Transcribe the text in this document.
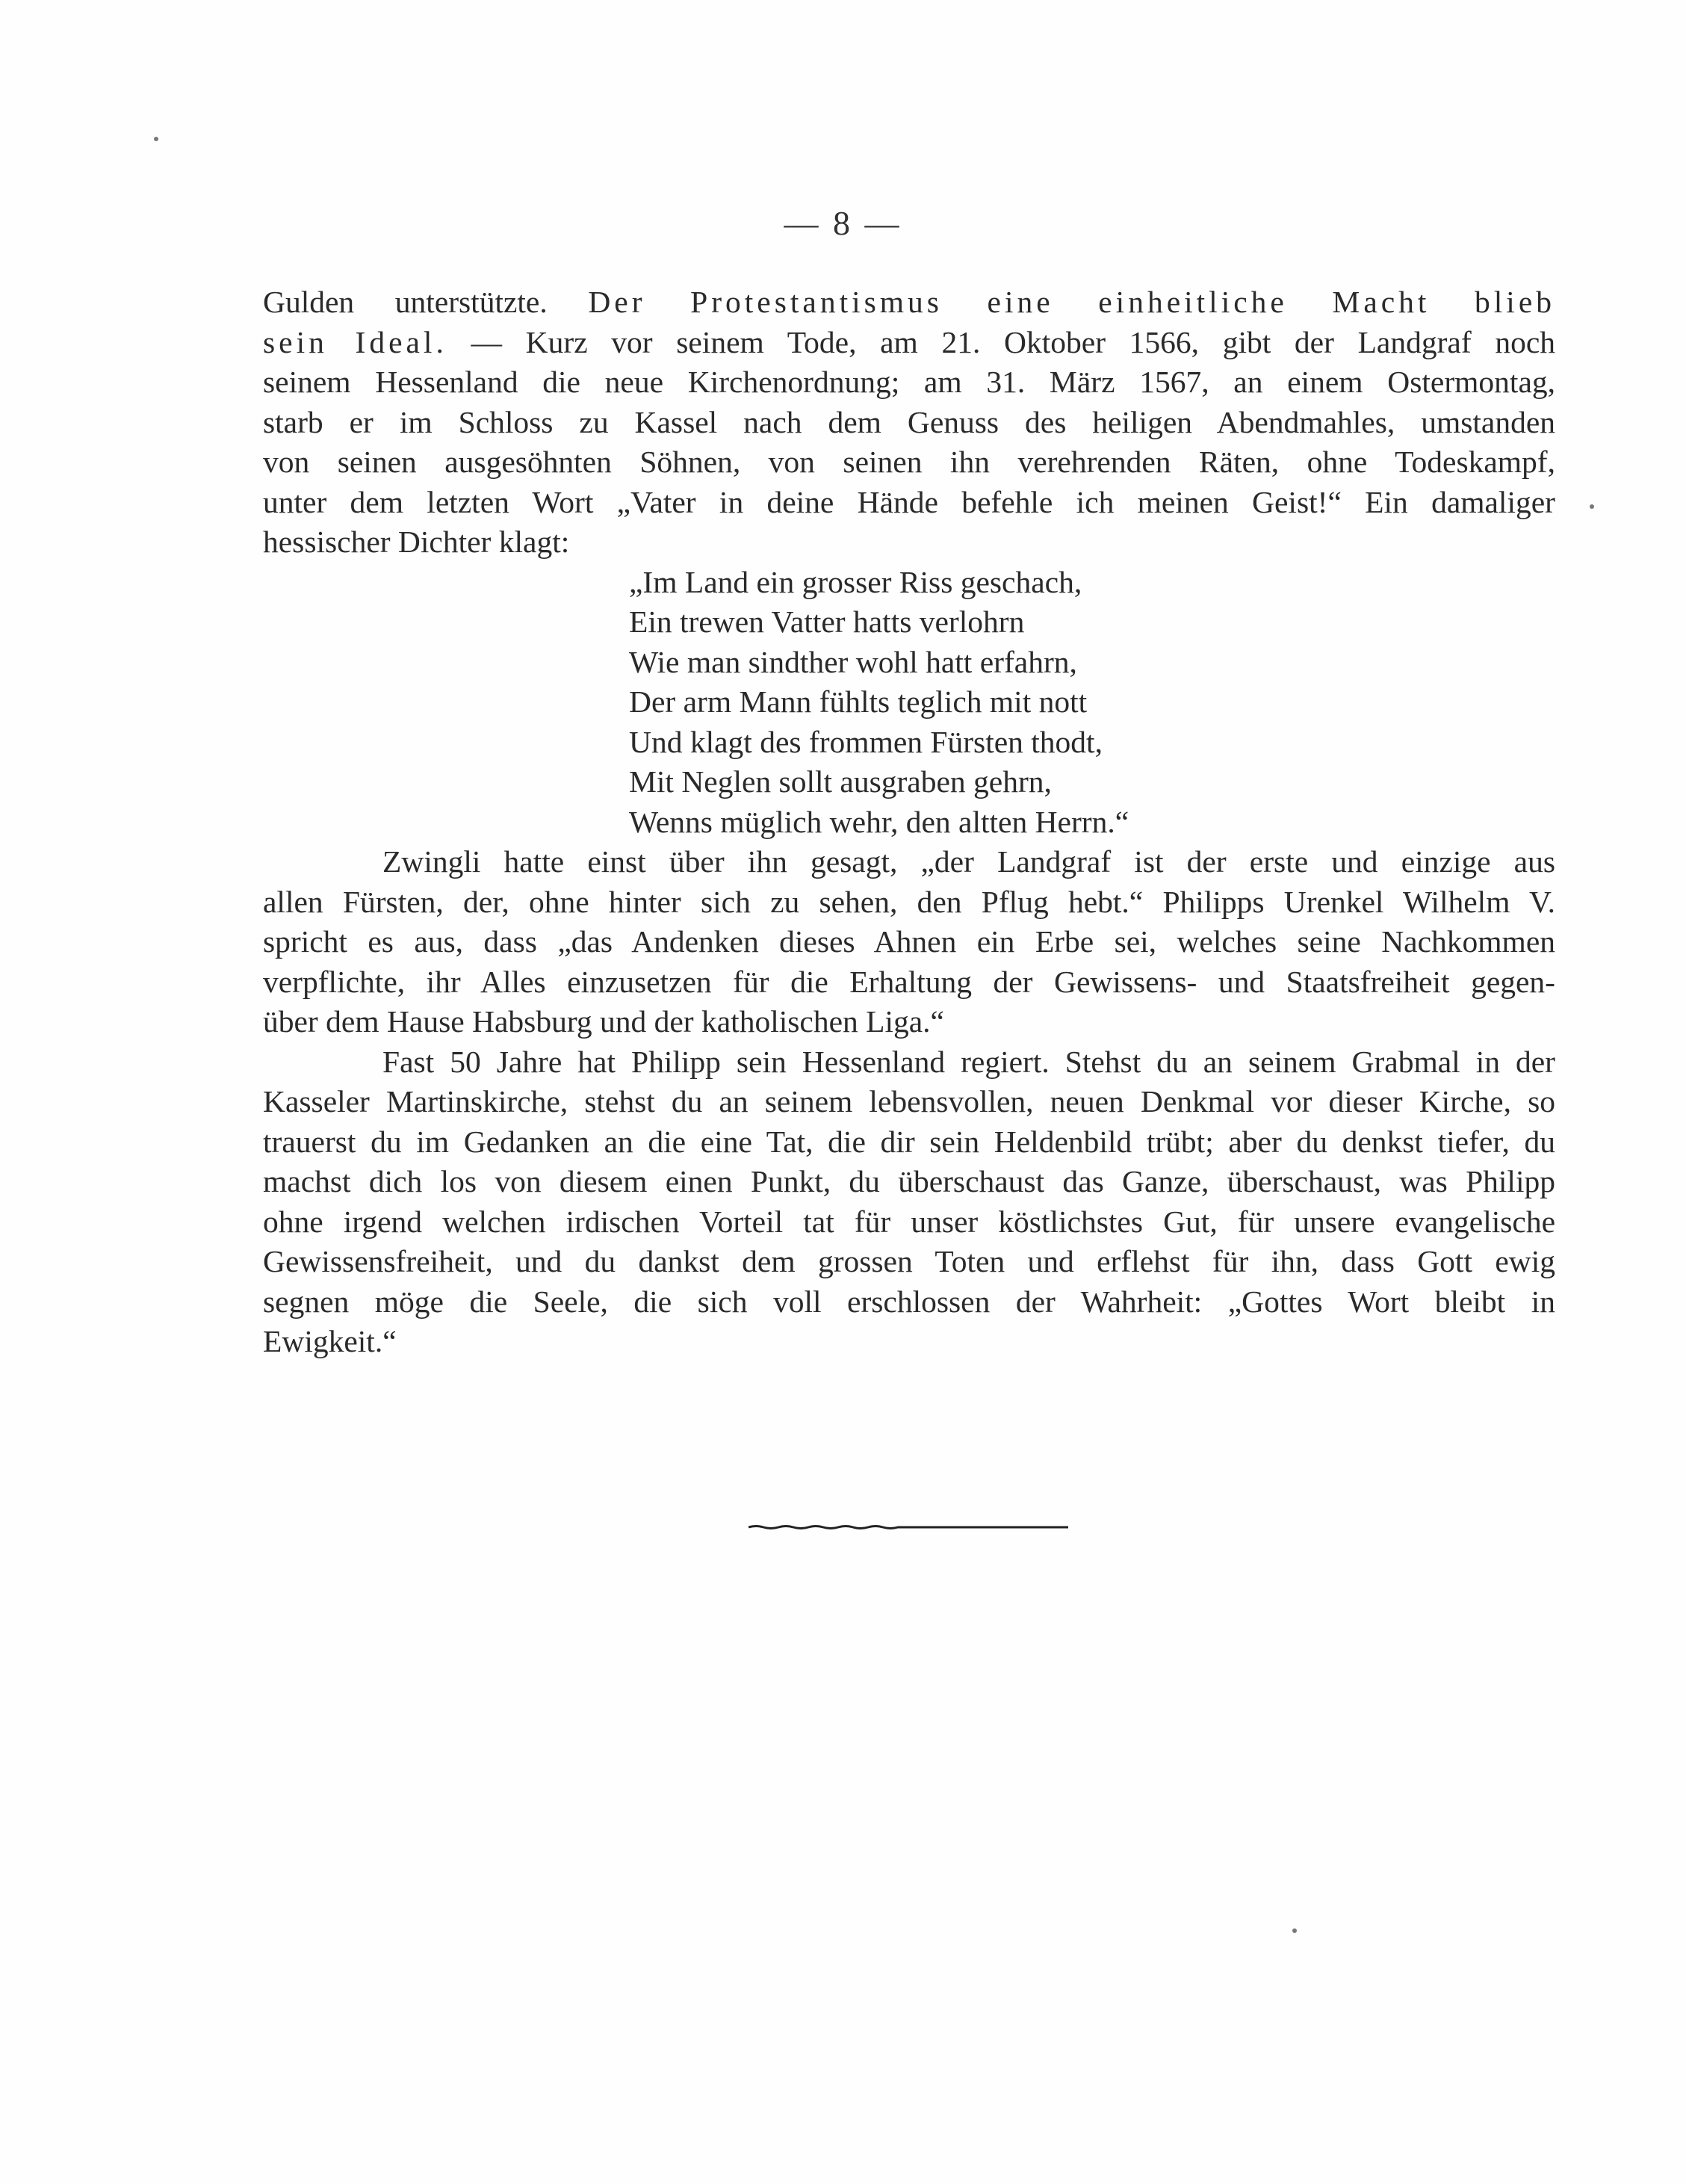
— 8 —
Gulden unterstützte. Der Protestantismus eine einheitliche Macht blieb
sein Ideal. — Kurz vor seinem Tode, am 21. Oktober 1566, gibt der Landgraf noch
seinem Hessenland die neue Kirchenordnung; am 31. März 1567, an einem Ostermontag,
starb er im Schloss zu Kassel nach dem Genuss des heiligen Abendmahles, umstanden
von seinen ausgesöhnten Söhnen, von seinen ihn verehrenden Räten, ohne Todeskampf,
unter dem letzten Wort „Vater in deine Hände befehle ich meinen Geist!“ Ein damaliger
hessischer Dichter klagt:
„Im Land ein grosser Riss geschach,
Ein trewen Vatter hatts verlohrn
Wie man sindther wohl hatt erfahrn,
Der arm Mann fühlts teglich mit nott
Und klagt des frommen Fürsten thodt,
Mit Neglen sollt ausgraben gehrn,
Wenns müglich wehr, den altten Herrn.“
Zwingli hatte einst über ihn gesagt, „der Landgraf ist der erste und einzige aus
allen Fürsten, der, ohne hinter sich zu sehen, den Pflug hebt.“ Philipps Urenkel Wilhelm V.
spricht es aus, dass „das Andenken dieses Ahnen ein Erbe sei, welches seine Nachkommen
verpflichte, ihr Alles einzusetzen für die Erhaltung der Gewissens- und Staatsfreiheit gegen-
über dem Hause Habsburg und der katholischen Liga.“
Fast 50 Jahre hat Philipp sein Hessenland regiert. Stehst du an seinem Grabmal in der
Kasseler Martinskirche, stehst du an seinem lebensvollen, neuen Denkmal vor dieser Kirche, so
trauerst du im Gedanken an die eine Tat, die dir sein Heldenbild trübt; aber du denkst tiefer, du
machst dich los von diesem einen Punkt, du überschaust das Ganze, überschaust, was Philipp
ohne irgend welchen irdischen Vorteil tat für unser köstlichstes Gut, für unsere evangelische
Gewissensfreiheit, und du dankst dem grossen Toten und erflehst für ihn, dass Gott ewig
segnen möge die Seele, die sich voll erschlossen der Wahrheit: „Gottes Wort bleibt in
Ewigkeit.“
